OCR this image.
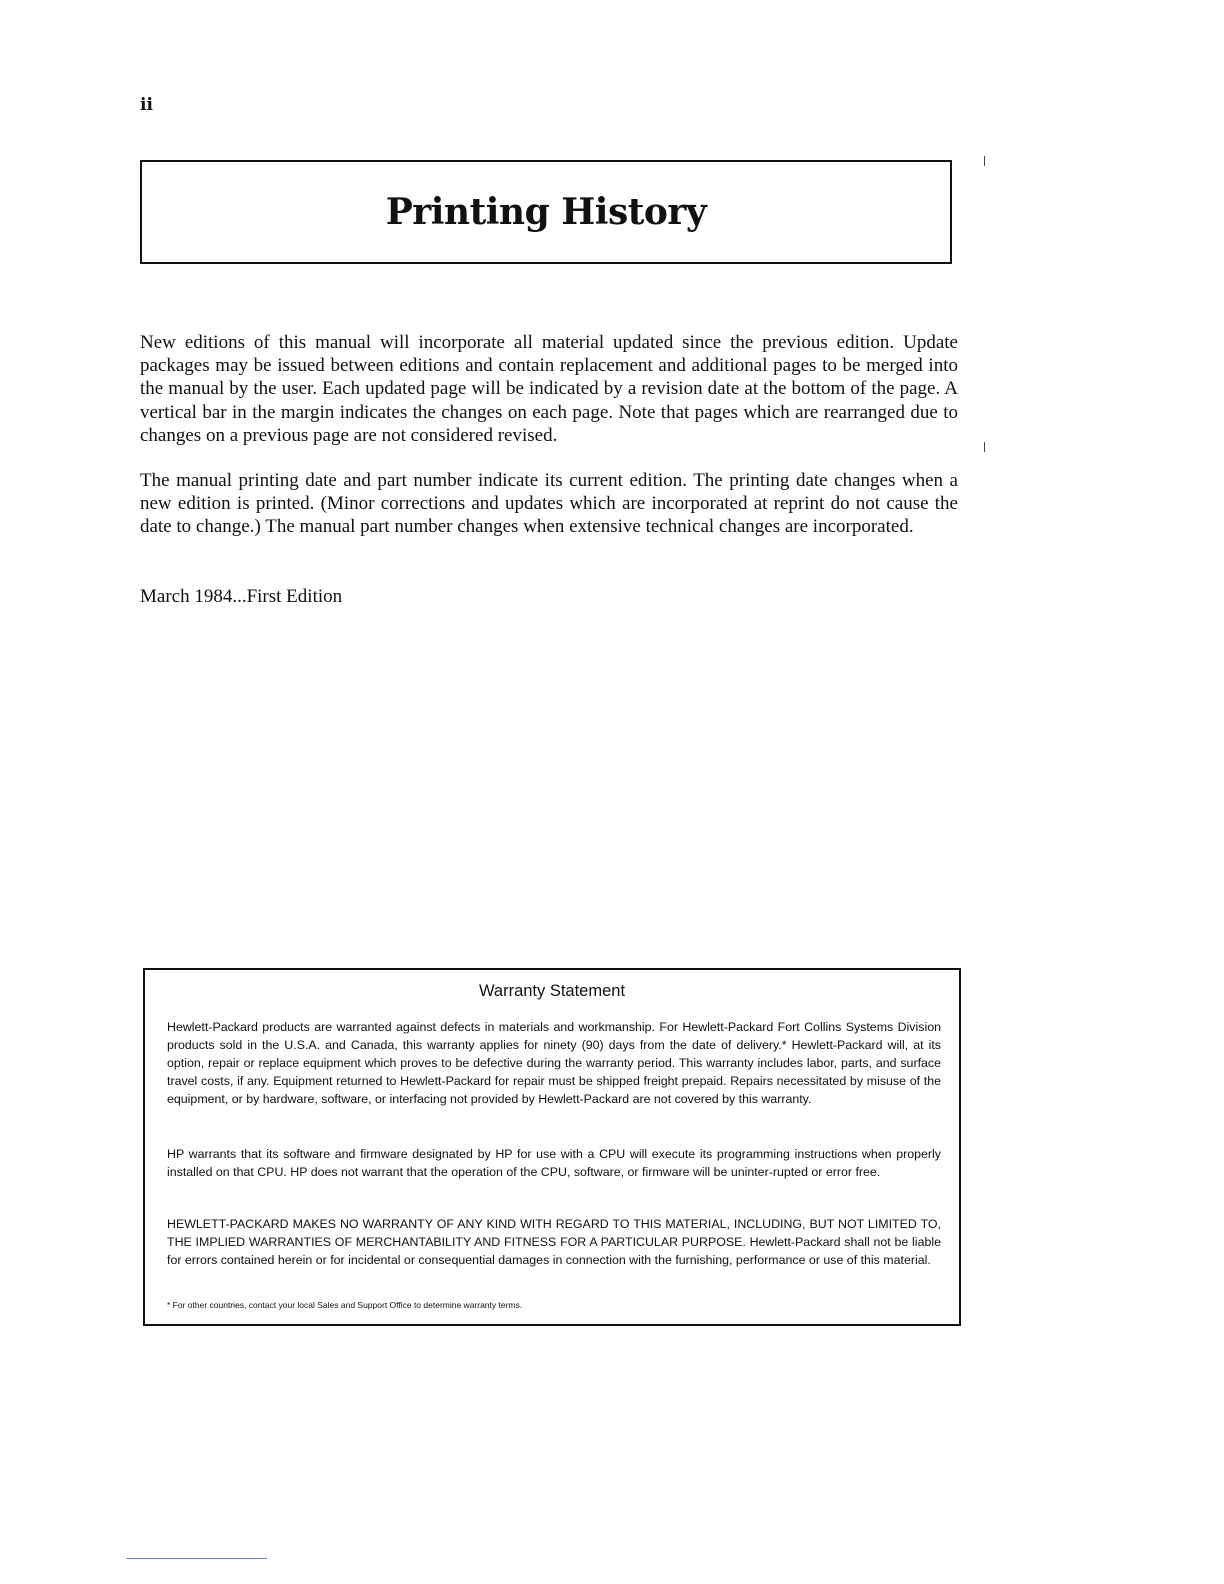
ii
Printing History

New editions of this manual will incorporate all material updated since the previous edition. Update packages may be issued between editions and contain replacement and additional pages to be merged into the manual by the user. Each updated page will be indicated by a revision date at the bottom of the page. A vertical bar in the margin indicates the changes on each page. Note that pages which are rearranged due to changes on a previous page are not considered revised.

The manual printing date and part number indicate its current edition. The printing date changes when a new edition is printed. (Minor corrections and updates which are incorporated at reprint do not cause the date to change.) The manual part number changes when extensive technical changes are incorporated.

March 1984...First Edition

Warranty Statement

Hewlett-Packard products are warranted against defects in materials and workmanship. For Hewlett-Packard Fort Collins Systems Division products sold in the U.S.A. and Canada, this warranty applies for ninety (90) days from the date of delivery.* Hewlett-Packard will, at its option, repair or replace equipment which proves to be defective during the warranty period. This warranty includes labor, parts, and surface travel costs, if any. Equipment returned to Hewlett-Packard for repair must be shipped freight prepaid. Repairs necessitated by misuse of the equipment, or by hardware, software, or interfacing not provided by Hewlett-Packard are not covered by this warranty.

HP warrants that its software and firmware designated by HP for use with a CPU will execute its programming instructions when properly installed on that CPU. HP does not warrant that the operation of the CPU, software, or firmware will be uninter-rupted or error free.

HEWLETT-PACKARD MAKES NO WARRANTY OF ANY KIND WITH REGARD TO THIS MATERIAL, INCLUDING, BUT NOT LIMITED TO, THE IMPLIED WARRANTIES OF MERCHANTABILITY AND FITNESS FOR A PARTICULAR PURPOSE. Hewlett-Packard shall not be liable for errors contained herein or for incidental or consequential damages in connection with the furnishing, performance or use of this material.

* For other countries, contact your local Sales and Support Office to determine warranty terms.
